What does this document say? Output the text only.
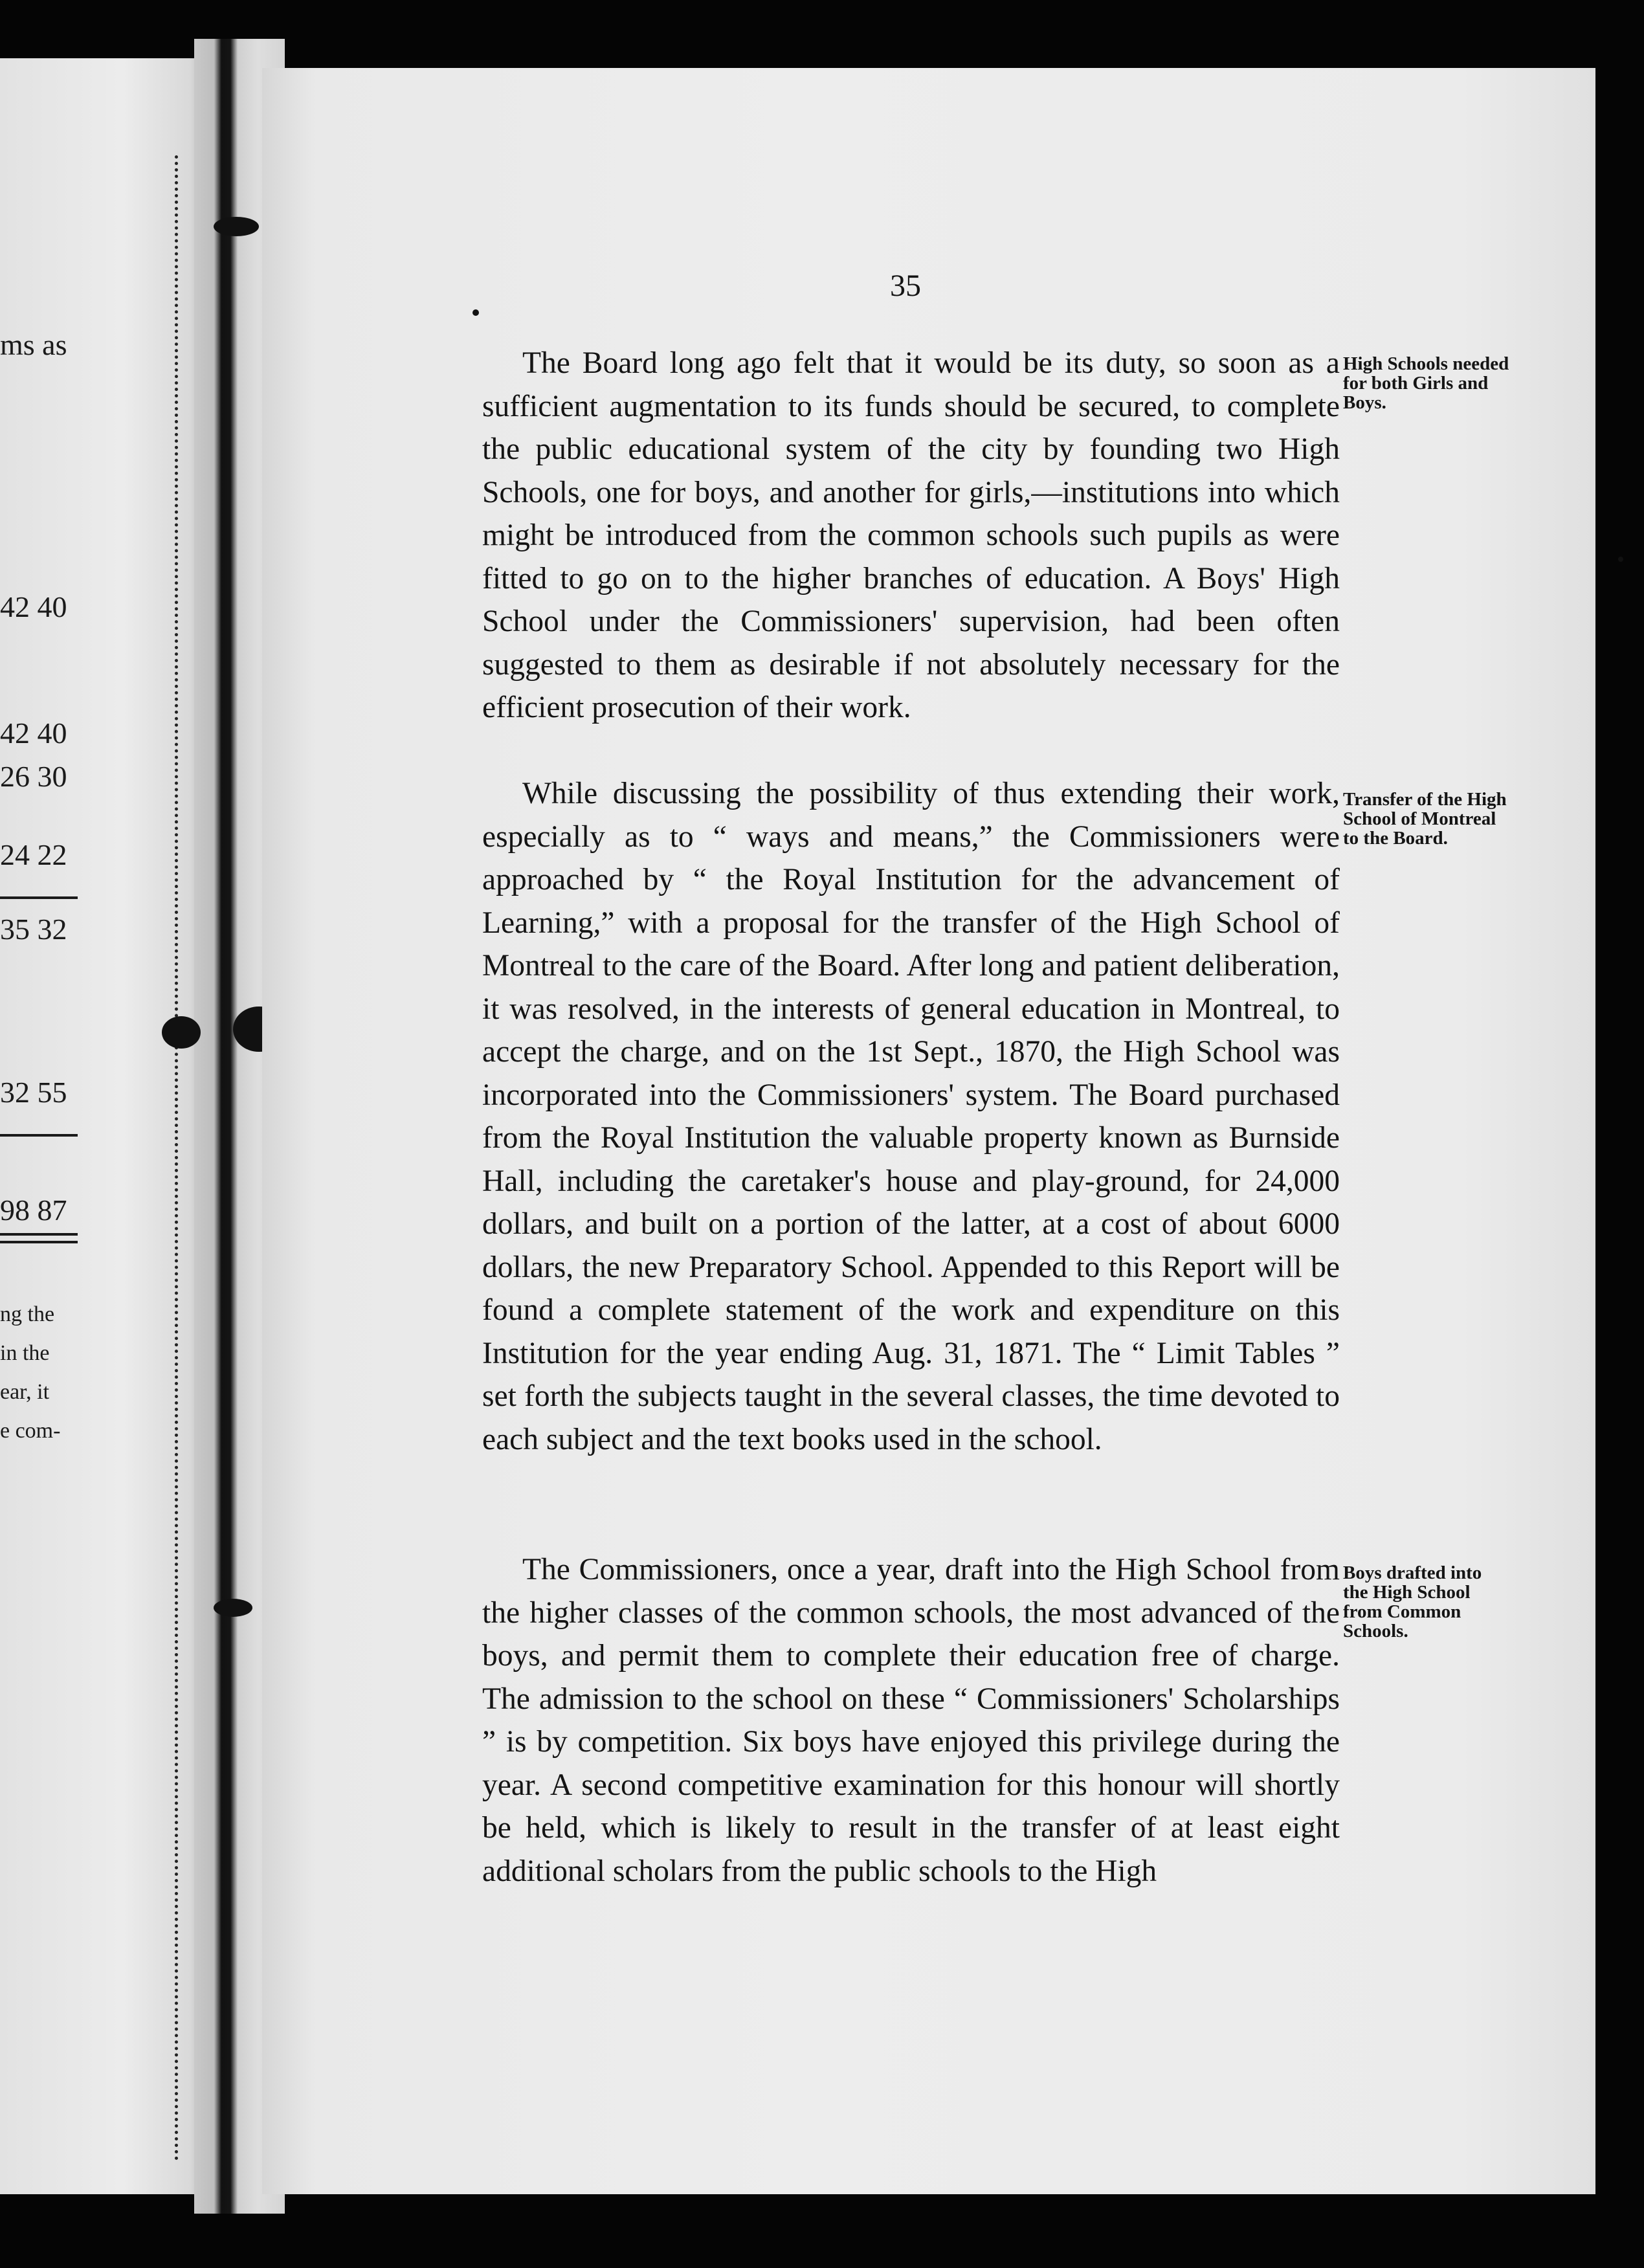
ms as
42 40
42 40
26 30
24 22
35 32
32 55
98 87
ng the
in the
ear, it
e com-
35

The Board long ago felt that it would be its duty, so soon as a sufficient augmentation to its funds should be secured, to complete the public educational system of the city by founding two High Schools, one for boys, and another for girls,—institutions into which might be introduced from the common schools such pupils as were fitted to go on to the higher branches of education. A Boys' High School under the Commissioners' supervision, had been often suggested to them as desirable if not absolutely necessary for the efficient prosecution of their work.

While discussing the possibility of thus extending their work, especially as to “ ways and means,” the Commissioners were approached by “ the Royal Institution for the advancement of Learning,” with a proposal for the transfer of the High School of Montreal to the care of the Board. After long and patient deliberation, it was resolved, in the interests of general education in Montreal, to accept the charge, and on the 1st Sept., 1870, the High School was incorporated into the Commissioners' system. The Board purchased from the Royal Institution the valuable property known as Burnside Hall, including the caretaker's house and play-ground, for 24,000 dollars, and built on a portion of the latter, at a cost of about 6000 dollars, the new Preparatory School. Appended to this Report will be found a complete statement of the work and expenditure on this Institution for the year ending Aug. 31, 1871. The “ Limit Tables ” set forth the subjects taught in the several classes, the time devoted to each subject and the text books used in the school.

The Commissioners, once a year, draft into the High School from the higher classes of the common schools, the most advanced of the boys, and permit them to complete their education free of charge. The admission to the school on these “ Commissioners' Scholarships ” is by competition. Six boys have enjoyed this privilege during the year. A second competitive examination for this honour will shortly be held, which is likely to result in the transfer of at least eight additional scholars from the public schools to the High

High Schools needed for both Girls and Boys.
Transfer of the High School of Montreal to the Board.
Boys drafted into the High School from Common Schools.
